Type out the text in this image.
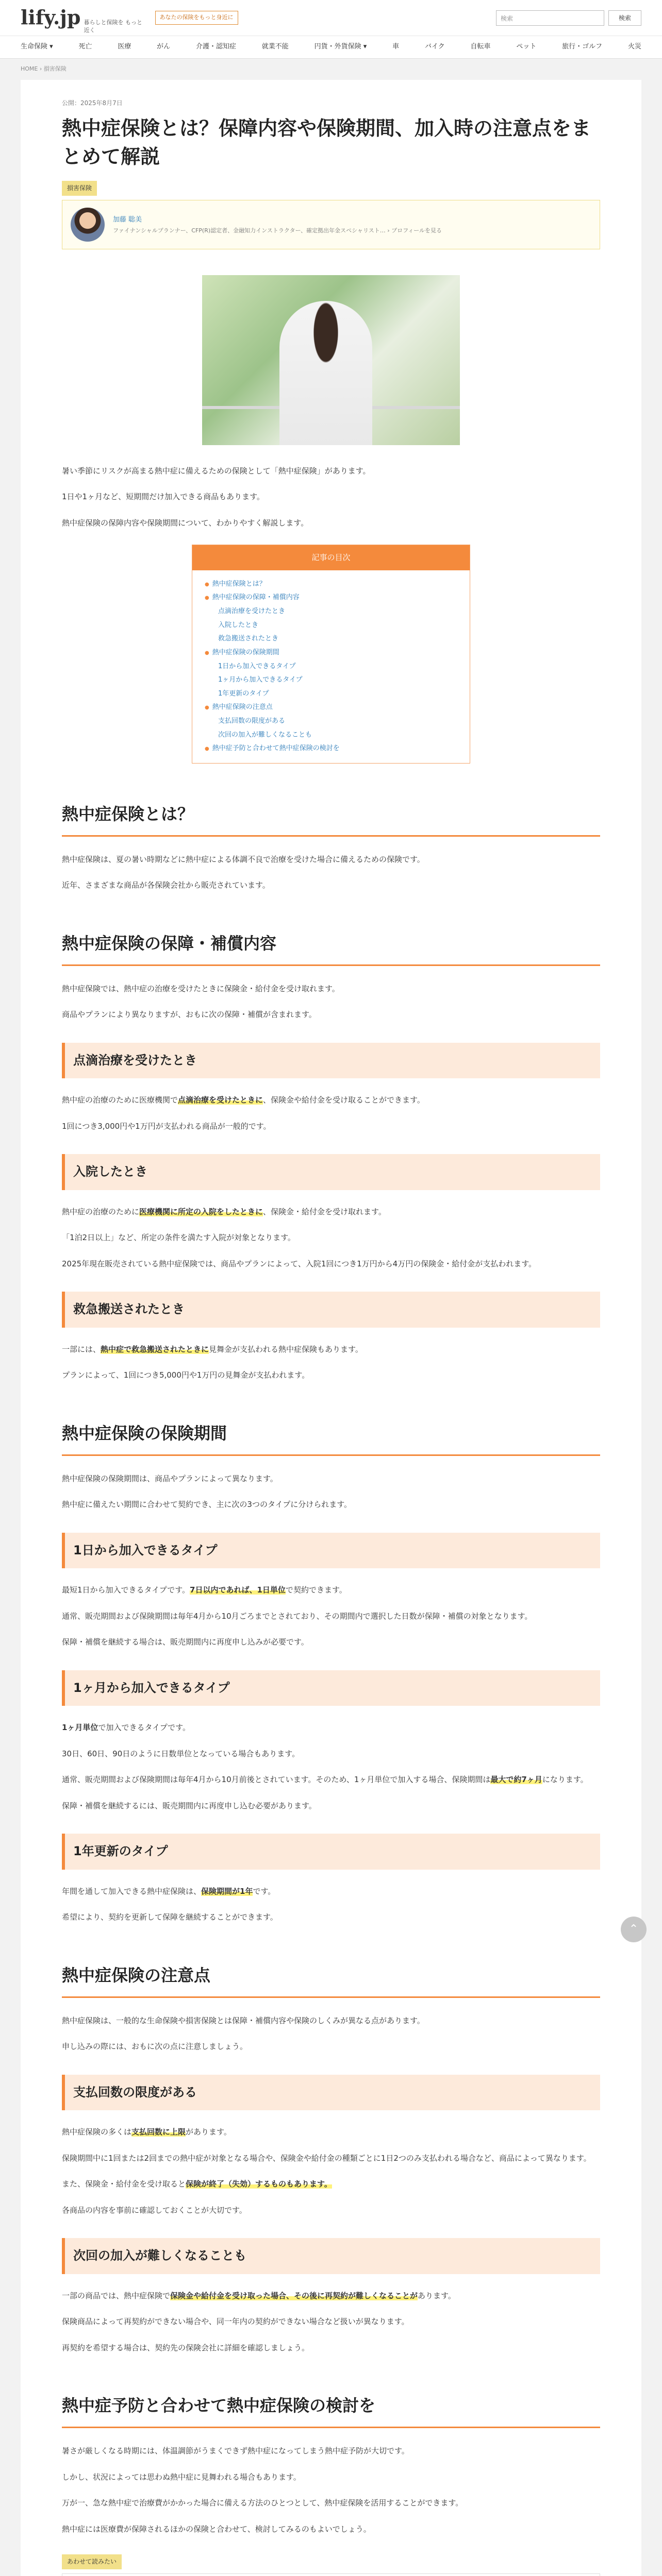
lify.jp 暮らしと保険を もっと近く
あなたの保険をもっと身近に	検索	検索
生命保険 ▾	死亡	医療	がん	介護・認知症	就業不能	円貨・外貨保険 ▾	車	バイク	自転車	ペット	旅行・ゴルフ	火災
HOME › 損害保険
公開：2025年8月7日
熱中症保険とは？保障内容や保険期間、加入時の注意点をまとめて解説
損害保険
加藤 聡美
ファイナンシャルプランナー、CFP(R)認定者、金融知力インストラクター、確定拠出年金スペシャリスト… › プロフィールを見る

暑い季節にリスクが高まる熱中症に備えるための保険として「熱中症保険」があります。

1日や1ヶ月など、短期間だけ加入できる商品もあります。

熱中症保険の保障内容や保険期間について、わかりやすく解説します。

記事の目次
● 熱中症保険とは？
● 熱中症保険の保障・補償内容
点滴治療を受けたとき
入院したとき
救急搬送されたとき
● 熱中症保険の保険期間
1日から加入できるタイプ
1ヶ月から加入できるタイプ
1年更新のタイプ
● 熱中症保険の注意点
支払回数の限度がある
次回の加入が難しくなることも
● 熱中症予防と合わせて熱中症保険の検討を
熱中症保険とは？

熱中症保険は、夏の暑い時期などに熱中症による体調不良で治療を受けた場合に備えるための保険です。

近年、さまざまな商品が各保険会社から販売されています。

熱中症保険の保障・補償内容

熱中症保険では、熱中症の治療を受けたときに保険金・給付金を受け取れます。

商品やプランにより異なりますが、おもに次の保障・補償が含まれます。

点滴治療を受けたとき

熱中症の治療のために医療機関で点滴治療を受けたときに、保険金や給付金を受け取ることができます。

1回につき3,000円や1万円が支払われる商品が一般的です。

入院したとき

熱中症の治療のために医療機関に所定の入院をしたときに、保険金・給付金を受け取れます。

「1泊2日以上」など、所定の条件を満たす入院が対象となります。

2025年現在販売されている熱中症保険では、商品やプランによって、入院1回につき1万円から4万円の保険金・給付金が支払われます。

救急搬送されたとき

一部には、熱中症で救急搬送されたときに見舞金が支払われる熱中症保険もあります。

プランによって、1回につき5,000円や1万円の見舞金が支払われます。

熱中症保険の保険期間

熱中症保険の保険期間は、商品やプランによって異なります。

熱中症に備えたい期間に合わせて契約でき、主に次の3つのタイプに分けられます。

1日から加入できるタイプ

最短1日から加入できるタイプです。7日以内であれば、1日単位で契約できます。

通常、販売期間および保険期間は毎年4月から10月ごろまでとされており、その期間内で選択した日数が保障・補償の対象となります。

保障・補償を継続する場合は、販売期間内に再度申し込みが必要です。

1ヶ月から加入できるタイプ

1ヶ月単位で加入できるタイプです。

30日、60日、90日のように日数単位となっている場合もあります。

通常、販売期間および保険期間は毎年4月から10月前後とされています。そのため、1ヶ月単位で加入する場合、保険期間は最大で約7ヶ月になります。

保障・補償を継続するには、販売期間内に再度申し込む必要があります。

1年更新のタイプ

年間を通して加入できる熱中症保険は、保険期間が1年です。

希望により、契約を更新して保障を継続することができます。

熱中症保険の注意点

熱中症保険は、一般的な生命保険や損害保険とは保障・補償内容や保険のしくみが異なる点があります。

申し込みの際には、おもに次の点に注意しましょう。

支払回数の限度がある

熱中症保険の多くは支払回数に上限があります。

保険期間中に1回または2回までの熱中症が対象となる場合や、保険金や給付金の種類ごとに1日2つのみ支払われる場合など、商品によって異なります。

また、保険金・給付金を受け取ると保険が終了（失効）するものもあります。

各商品の内容を事前に確認しておくことが大切です。

次回の加入が難しくなることも

一部の商品では、熱中症保険で保険金や給付金を受け取った場合、その後に再契約が難しくなることがあります。

保険商品によって再契約ができない場合や、同一年内の契約ができない場合など扱いが異なります。

再契約を希望する場合は、契約先の保険会社に詳細を確認しましょう。

熱中症予防と合わせて熱中症保険の検討を

暑さが厳しくなる時期には、体温調節がうまくできず熱中症になってしまう熱中症予防が大切です。

しかし、状況によっては思わぬ熱中症に見舞われる場合もあります。

万が一、急な熱中症で治療費がかかった場合に備える方法のひとつとして、熱中症保険を活用することができます。

熱中症には医療費が保障されるほかの保険と合わせて、検討してみるのもよいでしょう。

あわせて読みたい
⌃
